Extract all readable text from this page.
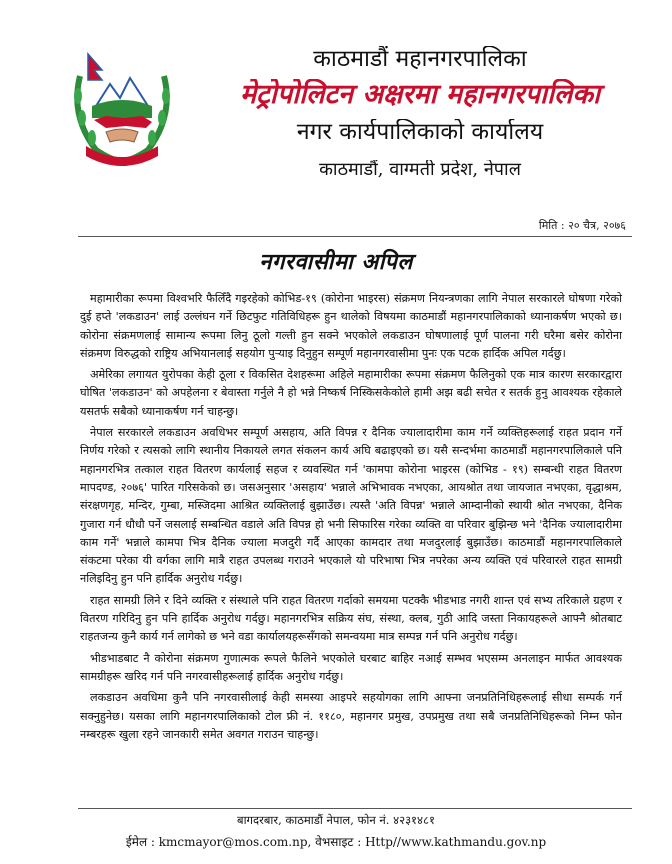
काठमाडौं महानगरपालिका
मेट्रोपोलिटन अक्षरमा महानगरपालिका
नगर कार्यपालिकाको कार्यालय
काठमाडौं, वाग्मती प्रदेश, नेपाल
मिति : २० चैत्र, २०७६
नगरवासीमा अपिल

महामारीका रूपमा विश्वभरि फैलिँदै गइरहेको कोभिड-१९ (कोरोना भाइरस) संक्रमण नियन्त्रणका लागि नेपाल सरकारले घोषणा गरेको दुई हप्ते 'लकडाउन' लाई उल्लंघन गर्ने छिटफुट गतिविधिहरू हुन थालेको विषयमा काठमाडौं महानगरपालिकाको ध्यानाकर्षण भएको छ। कोरोना संक्रमणलाई सामान्य रूपमा लिनु ठूलो गल्ती हुन सक्ने भएकोले लकडाउन घोषणालाई पूर्ण पालना गरी घरैमा बसेर कोरोना संक्रमण विरुद्धको राष्ट्रिय अभियानलाई सहयोग पुऱ्याइ दिनुहुन सम्पूर्ण महानगरवासीमा पुनः एक पटक हार्दिक अपिल गर्दछु।

अमेरिका लगायत युरोपका केही ठूला र विकसित देशहरूमा अहिले महामारीका रूपमा संक्रमण फैलिनुको एक मात्र कारण सरकारद्वारा घोषित 'लकडाउन' को अपहेलना र बेवास्ता गर्नुले नै हो भन्ने निष्कर्ष निस्किसकेकोले हामी अझ बढी सचेत र सतर्क हुनु आवश्यक रहेकाले यसतर्फ सबैको ध्यानाकर्षण गर्न चाहन्छु।

नेपाल सरकारले लकडाउन अवधिभर सम्पूर्ण असहाय, अति विपन्न र दैनिक ज्यालादारीमा काम गर्ने व्यक्तिहरूलाई राहत प्रदान गर्ने निर्णय गरेको र त्यसको लागि स्थानीय निकायले लगत संकलन कार्य अघि बढाइएको छ। यसै सन्दर्भमा काठमाडौं महानगरपालिकाले पनि महानगरभित्र तत्काल राहत वितरण कार्यलाई सहज र व्यवस्थित गर्न 'कामपा कोरोना भाइरस (कोभिड - १९) सम्बन्धी राहत वितरण मापदण्ड, २०७६' पारित गरिसकेको छ। जसअनुसार 'असहाय' भन्नाले अभिभावक नभएका, आयश्रोत तथा जायजात नभएका, वृद्धाश्रम, संरक्षणगृह, मन्दिर, गुम्बा, मस्जिदमा आश्रित व्यक्तिलाई बुझाउँछ। त्यस्तै 'अति विपन्न' भन्नाले आम्दानीको स्थायी श्रोत नभएका, दैनिक गुजारा गर्न धौधौ पर्ने जसलाई सम्बन्धित वडाले अति विपन्न हो भनी सिफारिस गरेका व्यक्ति वा परिवार बुझिन्छ भने 'दैनिक ज्यालादारीमा काम गर्ने' भन्नाले कामपा भित्र दैनिक ज्याला मजदुरी गर्दै आएका कामदार तथा मजदुरलाई बुझाउँछ। काठमाडौं महानगरपालिकाले संकटमा परेका यी वर्गका लागि मात्रै राहत उपलब्ध गराउने भएकाले यो परिभाषा भित्र नपरेका अन्य व्यक्ति एवं परिवारले राहत सामग्री नलिइदिनु हुन पनि हार्दिक अनुरोध गर्दछु।

राहत सामग्री लिने र दिने व्यक्ति र संस्थाले पनि राहत वितरण गर्दाको समयमा पटक्कै भीडभाड नगरी शान्त एवं सभ्य तरिकाले ग्रहण र वितरण गरिदिनु हुन पनि हार्दिक अनुरोध गर्दछु। महानगरभित्र सक्रिय संघ, संस्था, क्लब, गुठी आदि जस्ता निकायहरूले आफ्नै श्रोतबाट राहतजन्य कुनै कार्य गर्न लागेको छ भने वडा कार्यालयहरूसँगको समन्वयमा मात्र सम्पन्न गर्न पनि अनुरोध गर्दछु।

भीडभाडबाट नै कोरोना संक्रमण गुणात्मक रूपले फैलिने भएकोले घरबाट बाहिर नआई सम्भव भएसम्म अनलाइन मार्फत आवश्यक सामग्रीहरू खरिद गर्न पनि नगरवासीहरूलाई हार्दिक अनुरोध गर्दछु।

लकडाउन अवधिमा कुनै पनि नगरवासीलाई केही समस्या आइपरे सहयोगका लागि आफ्ना जनप्रतिनिधिहरूलाई सीधा सम्पर्क गर्न सक्नुहुनेछ। यसका लागि महानगरपालिकाको टोल फ्री नं. ११८०, महानगर प्रमुख, उपप्रमुख तथा सबै जनप्रतिनिधिहरूको निम्न फोन नम्बरहरू खुला रहने जानकारी समेत अवगत गराउन चाहन्छु।

बागदरबार, काठमाडौं नेपाल, फोन नं. ४२३१४८१
ईमेल : kmcmayor@mos.com.np, वेभसाइट : Http//www.kathmandu.gov.np
